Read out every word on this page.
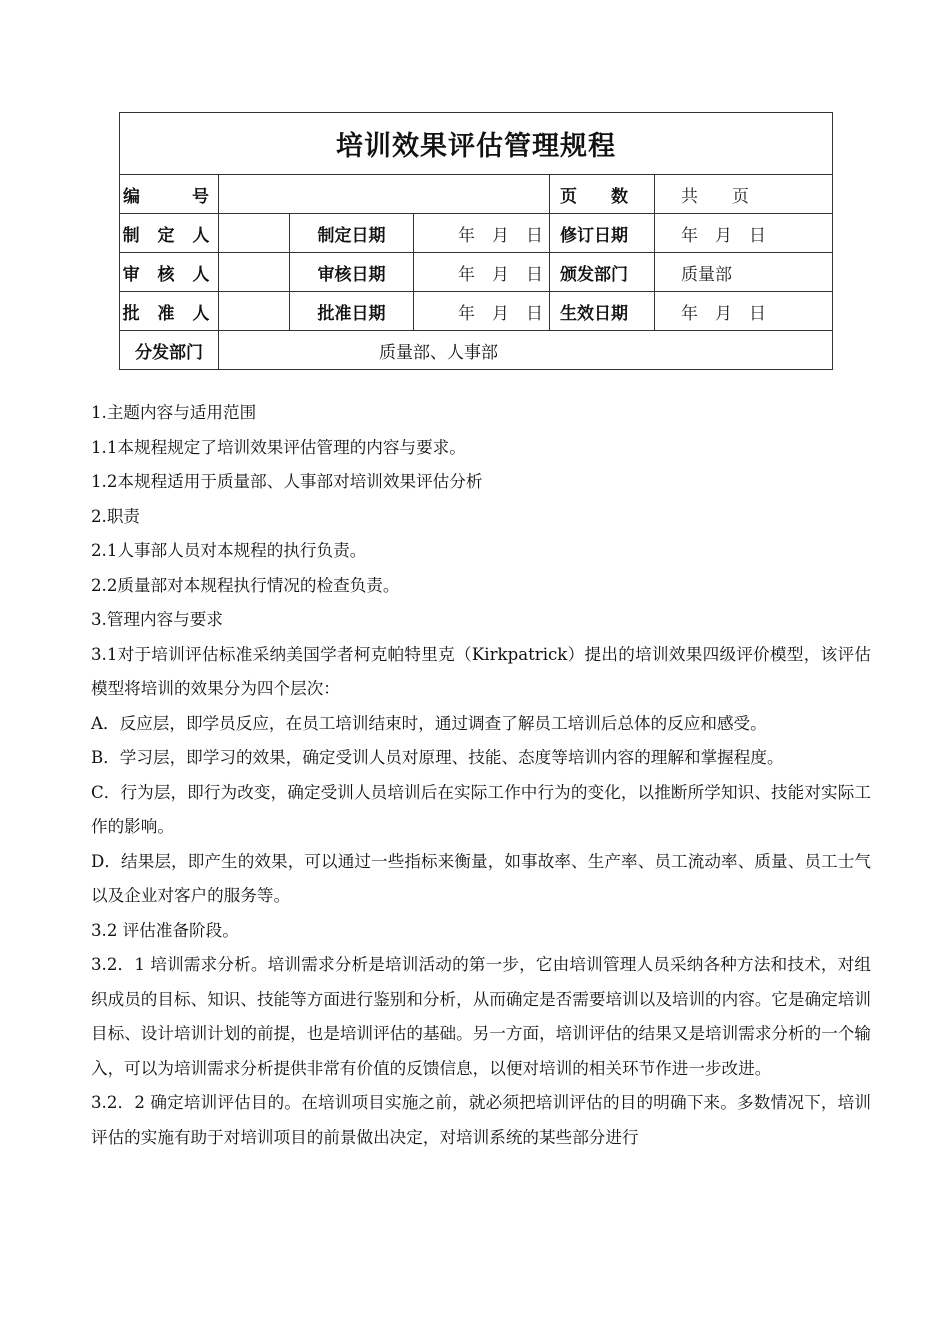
培训效果评估管理规程					
编　　号				页　　数	共　　页
制 定 人		制定日期	年　月　日	修订日期	年　月　日
审 核 人		审核日期	年　月　日	颁发部门	质量部
批 准 人		批准日期	年　月　日	生效日期	年　月　日
分发部门	质量部、人事部				

1.主题内容与适用范围

1.1本规程规定了培训效果评估管理的内容与要求。

1.2本规程适用于质量部、人事部对培训效果评估分析

2.职责

2.1人事部人员对本规程的执行负责。

2.2质量部对本规程执行情况的检查负责。

3.管理内容与要求

3.1对于培训评估标准采纳美国学者柯克帕特里克（Kirkpatrick）提出的培训效果四级评价模型，该评估模型将培训的效果分为四个层次：

A．反应层，即学员反应，在员工培训结束时，通过调查了解员工培训后总体的反应和感受。

B．学习层，即学习的效果，确定受训人员对原理、技能、态度等培训内容的理解和掌握程度。

C．行为层，即行为改变，确定受训人员培训后在实际工作中行为的变化，以推断所学知识、技能对实际工作的影响。

D．结果层，即产生的效果，可以通过一些指标来衡量，如事故率、生产率、员工流动率、质量、员工士气以及企业对客户的服务等。

3.2 评估准备阶段。

3.2．1 培训需求分析。培训需求分析是培训活动的第一步，它由培训管理人员采纳各种方法和技术，对组织成员的目标、知识、技能等方面进行鉴别和分析，从而确定是否需要培训以及培训的内容。它是确定培训目标、设计培训计划的前提，也是培训评估的基础。另一方面，培训评估的结果又是培训需求分析的一个输入，可以为培训需求分析提供非常有价值的反馈信息，以便对培训的相关环节作进一步改进。

3.2．2 确定培训评估目的。在培训项目实施之前，就必须把培训评估的目的明确下来。多数情况下，培训评估的实施有助于对培训项目的前景做出决定，对培训系统的某些部分进行
